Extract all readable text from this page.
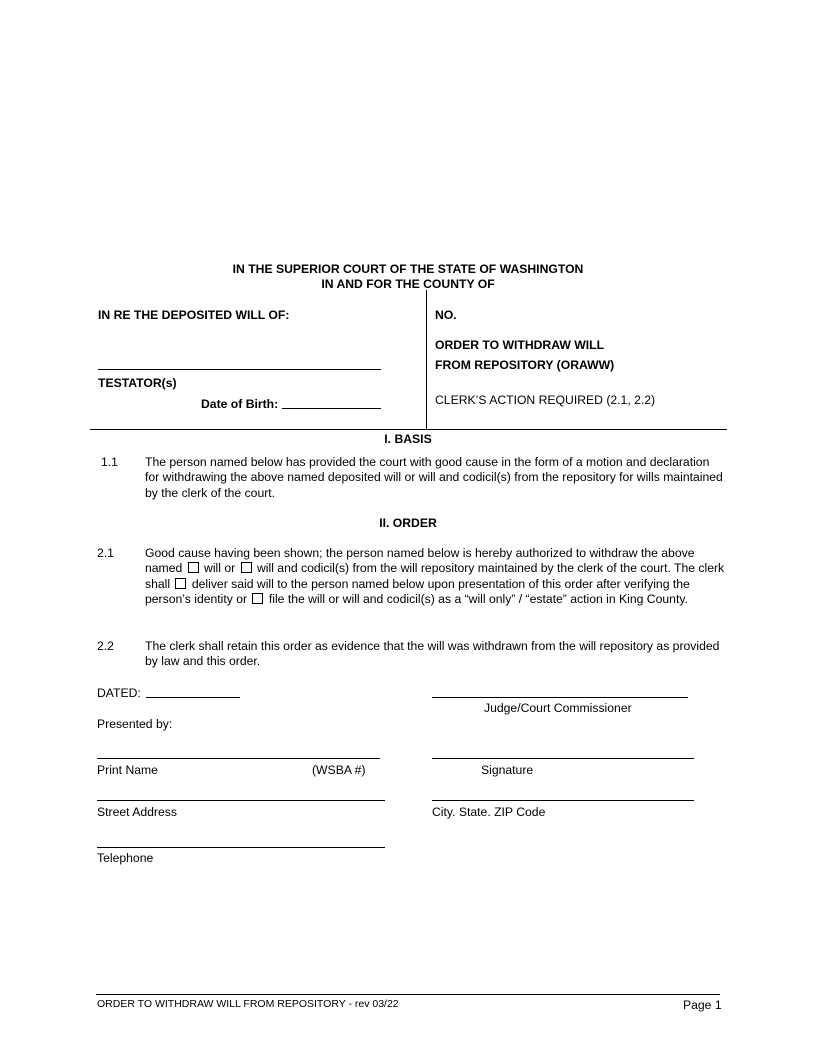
IN THE SUPERIOR COURT OF THE STATE OF WASHINGTON
IN AND FOR THE COUNTY OF
IN RE THE DEPOSITED WILL OF:
TESTATOR(s)
Date of Birth:
NO.
ORDER TO WITHDRAW WILL
FROM REPOSITORY (ORAWW)
CLERK’S ACTION REQUIRED (2.1, 2.2)
I. BASIS
1.1 The person named below has provided the court with good cause in the form of a motion and declaration for withdrawing the above named deposited will or will and codicil(s) from the repository for wills maintained by the clerk of the court.
II. ORDER
2.1	Good cause having been shown; the person named below is hereby authorized to withdraw the above named will or will and codicil(s) from the will repository maintained by the clerk of the court. The clerk shall deliver said will to the person named below upon presentation of this order after verifying the person’s identity or file the will or will and codicil(s) as a “will only” / “estate” action in King County.
2.2	The clerk shall retain this order as evidence that the will was withdrawn from the will repository as provided by law and this order.
DATED:
Judge/Court Commissioner
Presented by:
Print Name	(WSBA #)	Signature
Street Address	City. State. ZIP Code
Telephone
ORDER TO WITHDRAW WILL FROM REPOSITORY - rev 03/22	Page 1
